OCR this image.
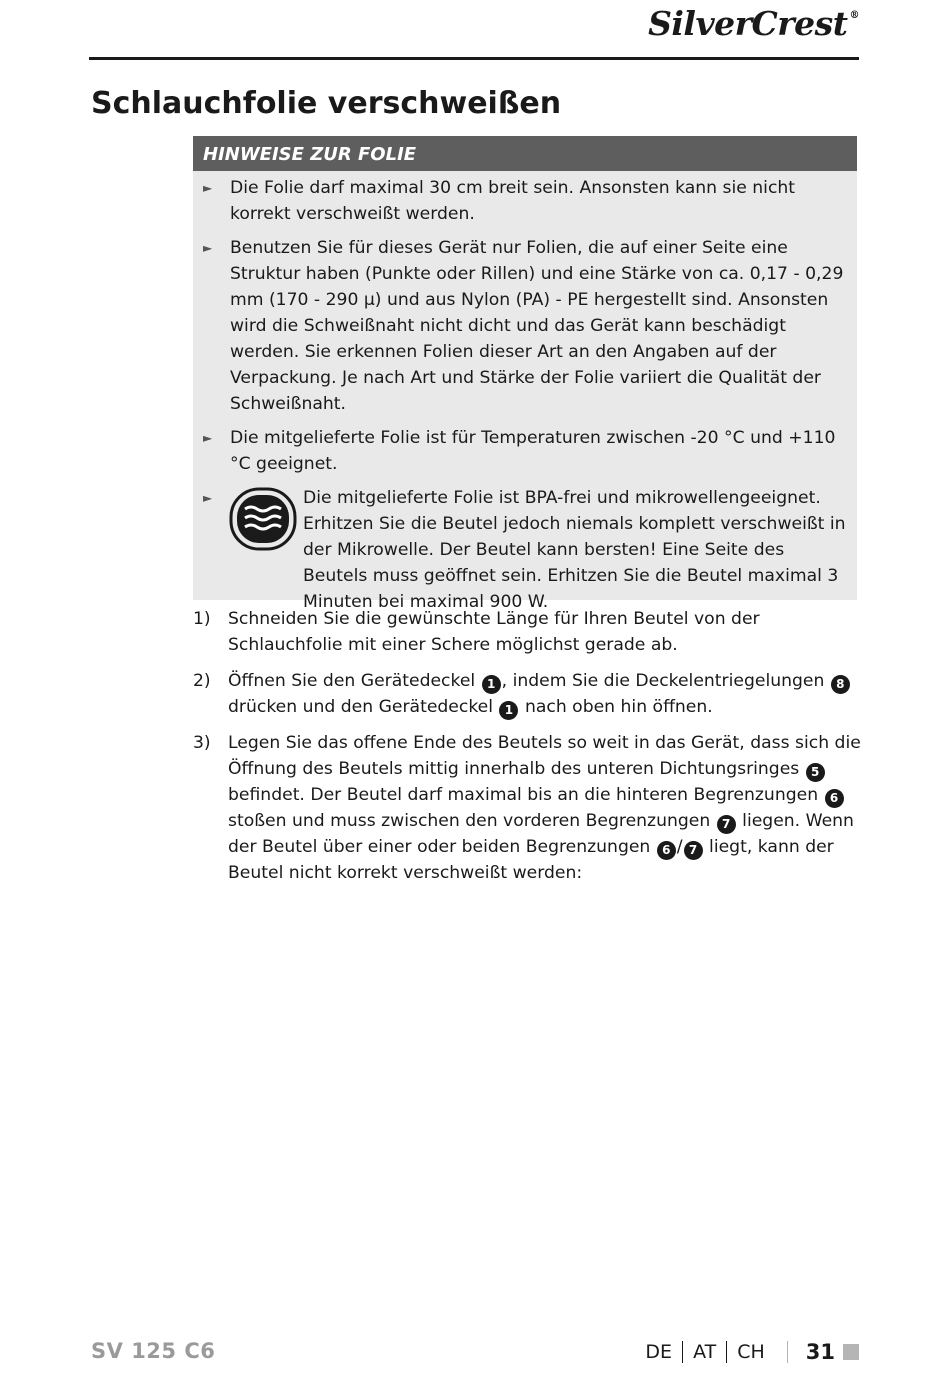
SilverCrest ®
Schlauchfolie verschweißen
HINWEISE ZUR FOLIE
► Die Folie darf maximal 30 cm breit sein. Ansonsten kann sie nicht korrekt verschweißt werden.
► Benutzen Sie für dieses Gerät nur Folien, die auf einer Seite eine Struktur haben (Punkte oder Rillen) und eine Stärke von ca. 0,17 - 0,29 mm (170 - 290 µ) und aus Nylon (PA) - PE hergestellt sind. Ansonsten wird die Schweißnaht nicht dicht und das Gerät kann beschädigt werden. Sie erkennen Folien dieser Art an den Angaben auf der Verpackung. Je nach Art und Stärke der Folie variiert die Qualität der Schweißnaht.
► Die mitgelieferte Folie ist für Temperaturen zwischen -20 °C und +110 °C geeignet.
►	Die mitgelieferte Folie ist BPA-frei und mikrowellengeeignet. Erhitzen Sie die Beutel jedoch niemals komplett verschweißt in der Mikrowelle. Der Beutel kann bersten! Eine Seite des Beutels muss geöffnet sein. Erhitzen Sie die Beutel maximal 3 Minuten bei maximal 900 W.
1) Schneiden Sie die gewünschte Länge für Ihren Beutel von der Schlauchfolie mit einer Schere möglichst gerade ab.
2) Öffnen Sie den Gerätedeckel 1 , indem Sie die Deckelentriegelungen 8 drücken und den Gerätedeckel 1 nach oben hin öffnen.
3) Legen Sie das offene Ende des Beutels so weit in das Gerät, dass sich die Öffnung des Beutels mittig innerhalb des unteren Dichtungsringes 5 befindet. Der Beutel darf maximal bis an die hinteren Begrenzungen 6 stoßen und muss zwischen den vorderen Begrenzungen 7 liegen. Wenn der Beutel über einer oder beiden Begrenzungen 6 / 7 liegt, kann der Beutel nicht korrekt verschweißt werden:
SV 125 C6	DE AT CH 31
